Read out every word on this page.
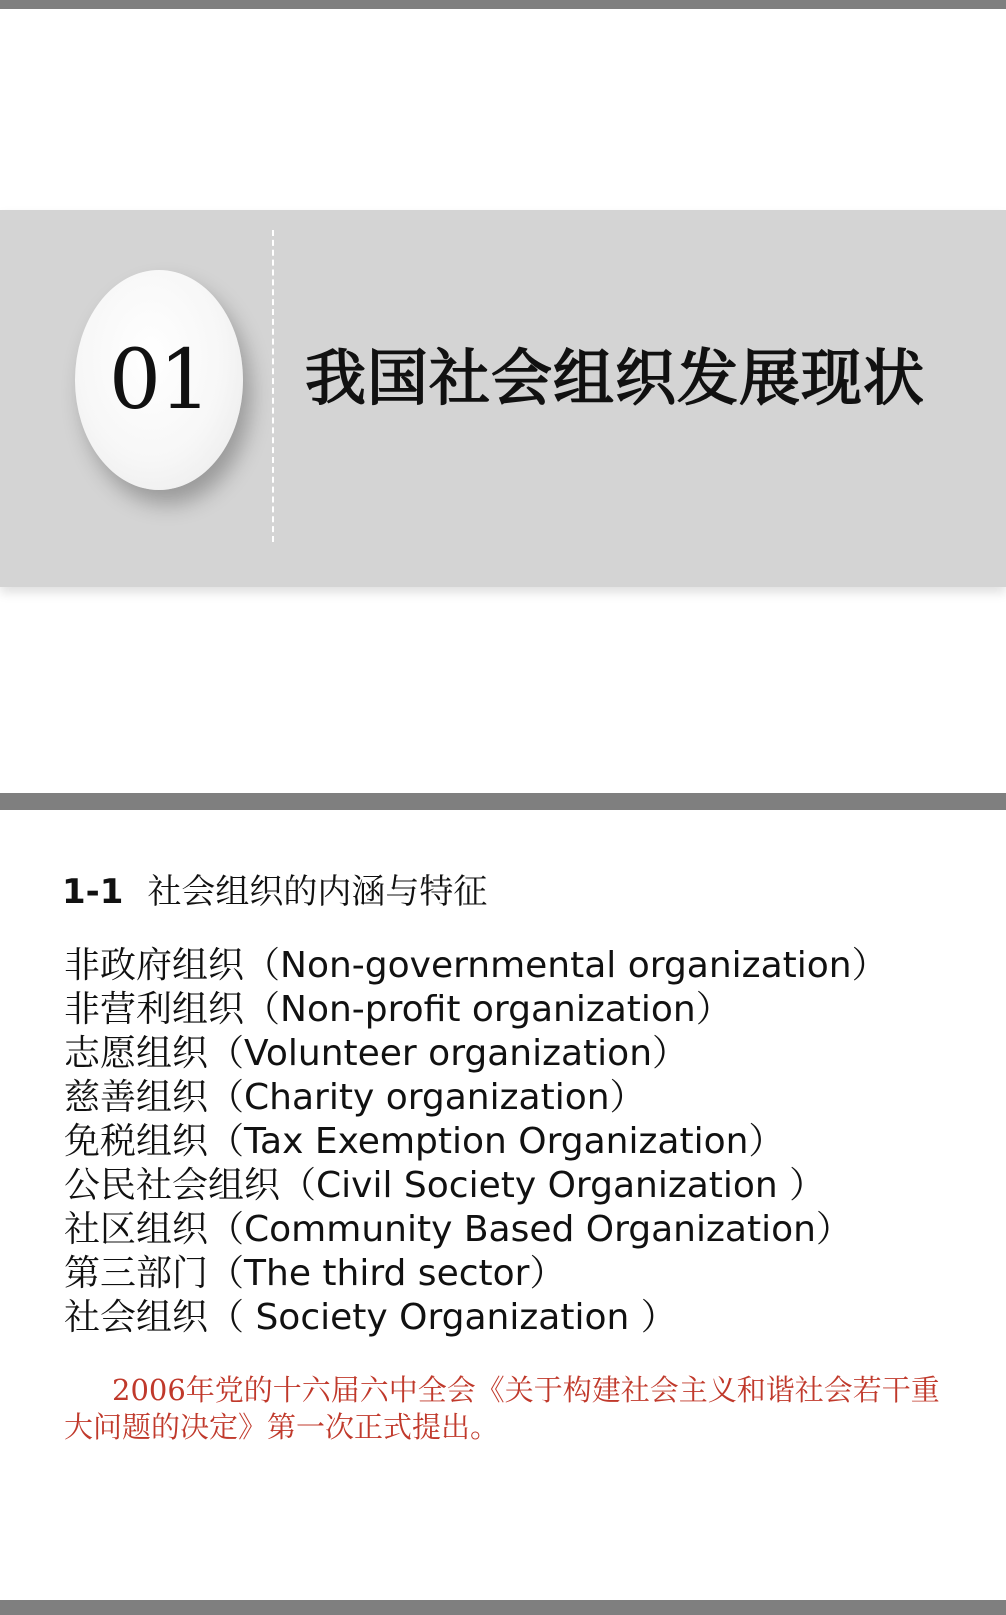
01	我国社会组织发展现状
1-1 社会组织的内涵与特征
非政府组织（Non-governmental organization）
非营利组织（Non-profit organization）
志愿组织（Volunteer organization）
慈善组织（Charity organization）
免税组织（Tax Exemption Organization）
公民社会组织（Civil Society Organization ）
社区组织（Community Based Organization）
第三部门（The third sector）
社会组织（ Society Organization ）
2006年党的十六届六中全会《关于构建社会主义和谐社会若干重大问题的决定》第一次正式提出。
